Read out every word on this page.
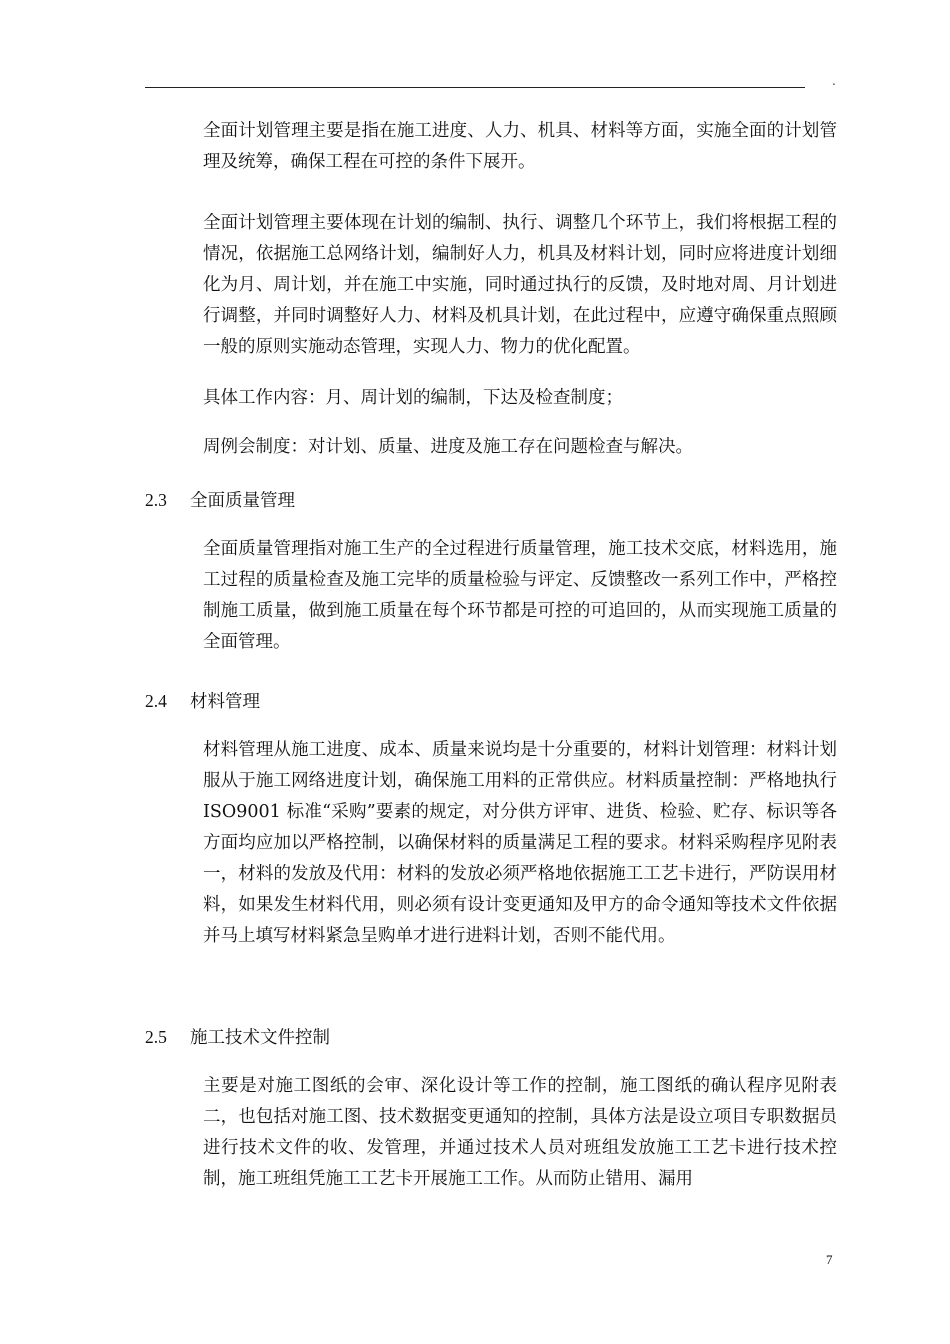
.

全面计划管理主要是指在施工进度、人力、机具、材料等方面，实施全面的计划管理及统筹，确保工程在可控的条件下展开。

全面计划管理主要体现在计划的编制、执行、调整几个环节上，我们将根据工程的情况，依据施工总网络计划，编制好人力，机具及材料计划，同时应将进度计划细化为月、周计划，并在施工中实施，同时通过执行的反馈，及时地对周、月计划进行调整，并同时调整好人力、材料及机具计划，在此过程中，应遵守确保重点照顾一般的原则实施动态管理，实现人力、物力的优化配置。

具体工作内容：月、周计划的编制，下达及检查制度；

周例会制度：对计划、质量、进度及施工存在问题检查与解决。

2.3 全面质量管理

全面质量管理指对施工生产的全过程进行质量管理，施工技术交底，材料选用，施工过程的质量检查及施工完毕的质量检验与评定、反馈整改一系列工作中，严格控制施工质量，做到施工质量在每个环节都是可控的可追回的，从而实现施工质量的全面管理。

2.4 材料管理

材料管理从施工进度、成本、质量来说均是十分重要的，材料计划管理：材料计划服从于施工网络进度计划，确保施工用料的正常供应。材料质量控制：严格地执行 ISO9001 标准“采购”要素的规定，对分供方评审、进货、检验、贮存、标识等各方面均应加以严格控制，以确保材料的质量满足工程的要求。材料采购程序见附表一，材料的发放及代用：材料的发放必须严格地依据施工工艺卡进行，严防误用材料，如果发生材料代用，则必须有设计变更通知及甲方的命令通知等技术文件依据并马上填写材料紧急呈购单才进行进料计划，否则不能代用。

2.5 施工技术文件控制

主要是对施工图纸的会审、深化设计等工作的控制，施工图纸的确认程序见附表二，也包括对施工图、技术数据变更通知的控制，具体方法是设立项目专职数据员进行技术文件的收、发管理，并通过技术人员对班组发放施工工艺卡进行技术控制，施工班组凭施工工艺卡开展施工工作。从而防止错用、漏用

7
